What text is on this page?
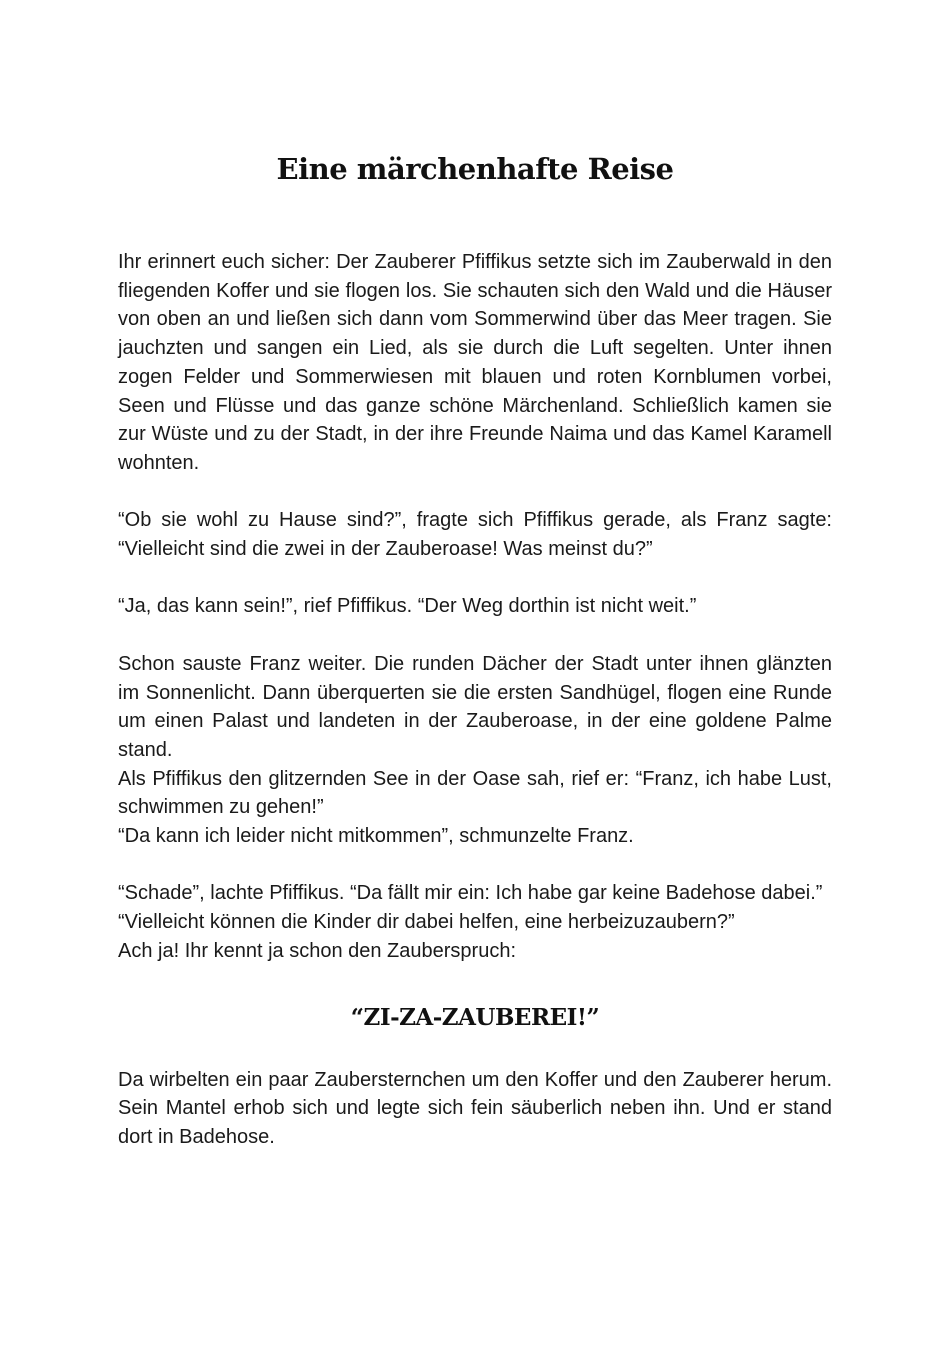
Eine märchenhafte Reise

Ihr erinnert euch sicher: Der Zauberer Pfiffikus setzte sich im Zauberwald in den fliegenden Koffer und sie flogen los. Sie schauten sich den Wald und die Häuser von oben an und ließen sich dann vom Sommerwind über das Meer tragen. Sie jauchzten und sangen ein Lied, als sie durch die Luft segelten. Unter ihnen zogen Felder und Sommerwiesen mit blauen und roten Kornblumen vorbei, Seen und Flüsse und das ganze schöne Märchenland. Schließlich kamen sie zur Wüste und zu der Stadt, in der ihre Freunde Naima und das Kamel Karamell wohnten.

“Ob sie wohl zu Hause sind?”, fragte sich Pfiffikus gerade, als Franz sagte: “Vielleicht sind die zwei in der Zauberoase! Was meinst du?”

“Ja, das kann sein!”, rief Pfiffikus. “Der Weg dorthin ist nicht weit.”

Schon sauste Franz weiter. Die runden Dächer der Stadt unter ihnen glänzten im Sonnenlicht. Dann überquerten sie die ersten Sandhügel, flogen eine Runde um einen Palast und landeten in der Zauberoase, in der eine goldene Palme stand.

Als Pfiffikus den glitzernden See in der Oase sah, rief er: “Franz, ich habe Lust, schwimmen zu gehen!”

“Da kann ich leider nicht mitkommen”, schmunzelte Franz.

“Schade”, lachte Pfiffikus. “Da fällt mir ein: Ich habe gar keine Badehose dabei.”

“Vielleicht können die Kinder dir dabei helfen, eine herbeizuzaubern?”

Ach ja! Ihr kennt ja schon den Zauberspruch:

“ZI-ZA-ZAUBEREI!”

Da wirbelten ein paar Zaubersternchen um den Koffer und den Zauberer herum. Sein Mantel erhob sich und legte sich fein säuberlich neben ihn. Und er stand dort in Badehose.
